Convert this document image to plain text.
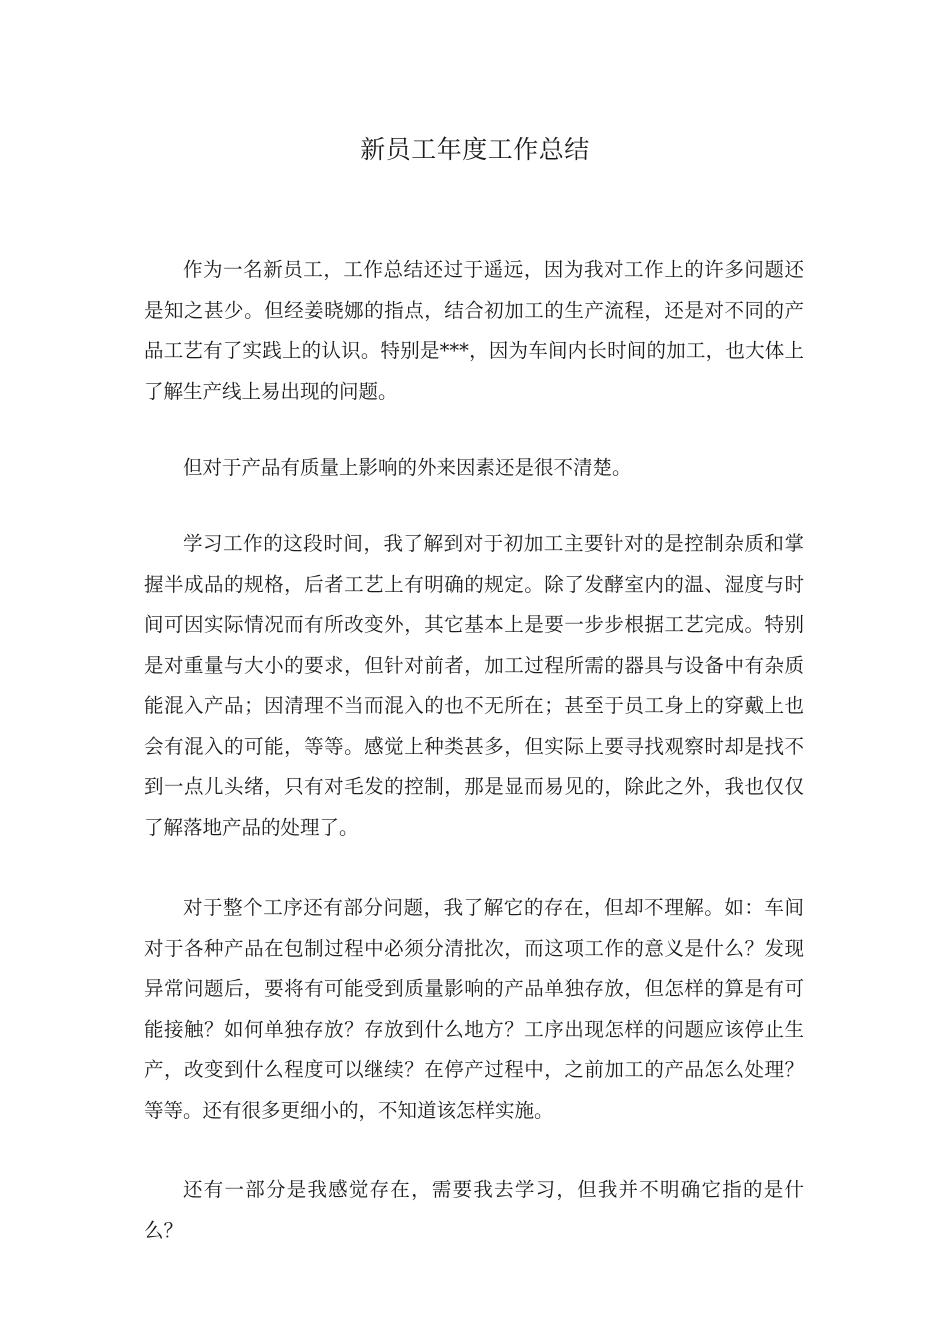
新员工年度工作总结

作为一名新员工，工作总结还过于遥远，因为我对工作上的许多问题还是知之甚少。但经姜晓娜的指点，结合初加工的生产流程，还是对不同的产品工艺有了实践上的认识。特别是***，因为车间内长时间的加工，也大体上了解生产线上易出现的问题。

但对于产品有质量上影响的外来因素还是很不清楚。

学习工作的这段时间，我了解到对于初加工主要针对的是控制杂质和掌握半成品的规格，后者工艺上有明确的规定。除了发酵室内的温、湿度与时间可因实际情况而有所改变外，其它基本上是要一步步根据工艺完成。特别是对重量与大小的要求，但针对前者，加工过程所需的器具与设备中有杂质能混入产品；因清理不当而混入的也不无所在；甚至于员工身上的穿戴上也会有混入的可能，等等。感觉上种类甚多，但实际上要寻找观察时却是找不到一点儿头绪，只有对毛发的控制，那是显而易见的，除此之外，我也仅仅了解落地产品的处理了。

对于整个工序还有部分问题，我了解它的存在，但却不理解。如：车间对于各种产品在包制过程中必须分清批次，而这项工作的意义是什么？发现异常问题后，要将有可能受到质量影响的产品单独存放，但怎样的算是有可能接触？如何单独存放？存放到什么地方？工序出现怎样的问题应该停止生产，改变到什么程度可以继续？在停产过程中，之前加工的产品怎么处理？等等。还有很多更细小的，不知道该怎样实施。

还有一部分是我感觉存在，需要我去学习，但我并不明确它指的是什么？
